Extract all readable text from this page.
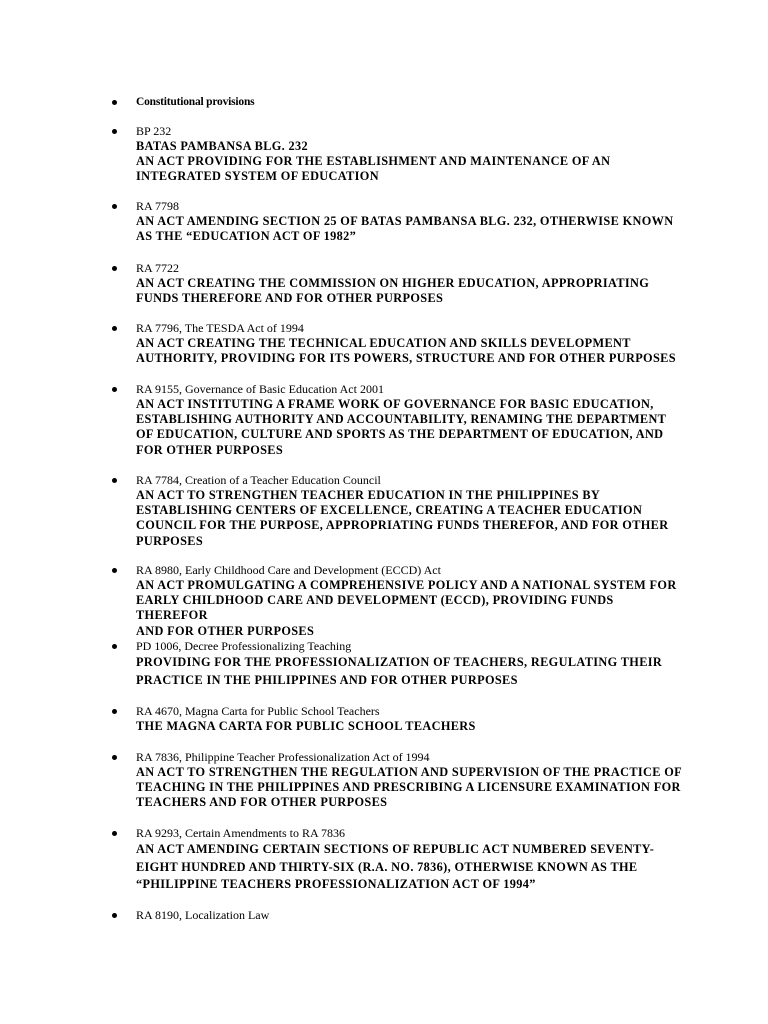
Constitutional provisions
BP 232

BATAS PAMBANSA BLG. 232
AN ACT PROVIDING FOR THE ESTABLISHMENT AND MAINTENANCE OF AN
INTEGRATED SYSTEM OF EDUCATION

RA 7798

AN ACT AMENDING SECTION 25 OF BATAS PAMBANSA BLG. 232, OTHERWISE KNOWN
AS THE “EDUCATION ACT OF 1982”

RA 7722

AN ACT CREATING THE COMMISSION ON HIGHER EDUCATION, APPROPRIATING
FUNDS THEREFORE AND FOR OTHER PURPOSES

RA 7796, The TESDA Act of 1994

AN ACT CREATING THE TECHNICAL EDUCATION AND SKILLS DEVELOPMENT
AUTHORITY, PROVIDING FOR ITS POWERS, STRUCTURE AND FOR OTHER PURPOSES

RA 9155, Governance of Basic Education Act 2001

AN ACT INSTITUTING A FRAME WORK OF GOVERNANCE FOR BASIC EDUCATION,
ESTABLISHING AUTHORITY AND ACCOUNTABILITY, RENAMING THE DEPARTMENT
OF EDUCATION, CULTURE AND SPORTS AS THE DEPARTMENT OF EDUCATION, AND
FOR OTHER PURPOSES

RA 7784, Creation of a Teacher Education Council

AN ACT TO STRENGTHEN TEACHER EDUCATION IN THE PHILIPPINES BY
ESTABLISHING CENTERS OF EXCELLENCE, CREATING A TEACHER EDUCATION
COUNCIL FOR THE PURPOSE, APPROPRIATING FUNDS THEREFOR, AND FOR OTHER
PURPOSES

RA 8980, Early Childhood Care and Development (ECCD) Act

AN ACT PROMULGATING A COMPREHENSIVE POLICY AND A NATIONAL SYSTEM FOR
EARLY CHILDHOOD CARE AND DEVELOPMENT (ECCD), PROVIDING FUNDS THEREFOR
AND FOR OTHER PURPOSES

PD 1006, Decree Professionalizing Teaching

PROVIDING FOR THE PROFESSIONALIZATION OF TEACHERS, REGULATING THEIR
PRACTICE IN THE PHILIPPINES AND FOR OTHER PURPOSES

RA 4670, Magna Carta for Public School Teachers

THE MAGNA CARTA FOR PUBLIC SCHOOL TEACHERS

RA 7836, Philippine Teacher Professionalization Act of 1994

AN ACT TO STRENGTHEN THE REGULATION AND SUPERVISION OF THE PRACTICE OF
TEACHING IN THE PHILIPPINES AND PRESCRIBING A LICENSURE EXAMINATION FOR
TEACHERS AND FOR OTHER PURPOSES

RA 9293, Certain Amendments to RA 7836

AN ACT AMENDING CERTAIN SECTIONS OF REPUBLIC ACT NUMBERED SEVENTY-
EIGHT HUNDRED AND THIRTY-SIX (R.A. NO. 7836), OTHERWISE KNOWN AS THE
“PHILIPPINE TEACHERS PROFESSIONALIZATION ACT OF 1994”

RA 8190, Localization Law
